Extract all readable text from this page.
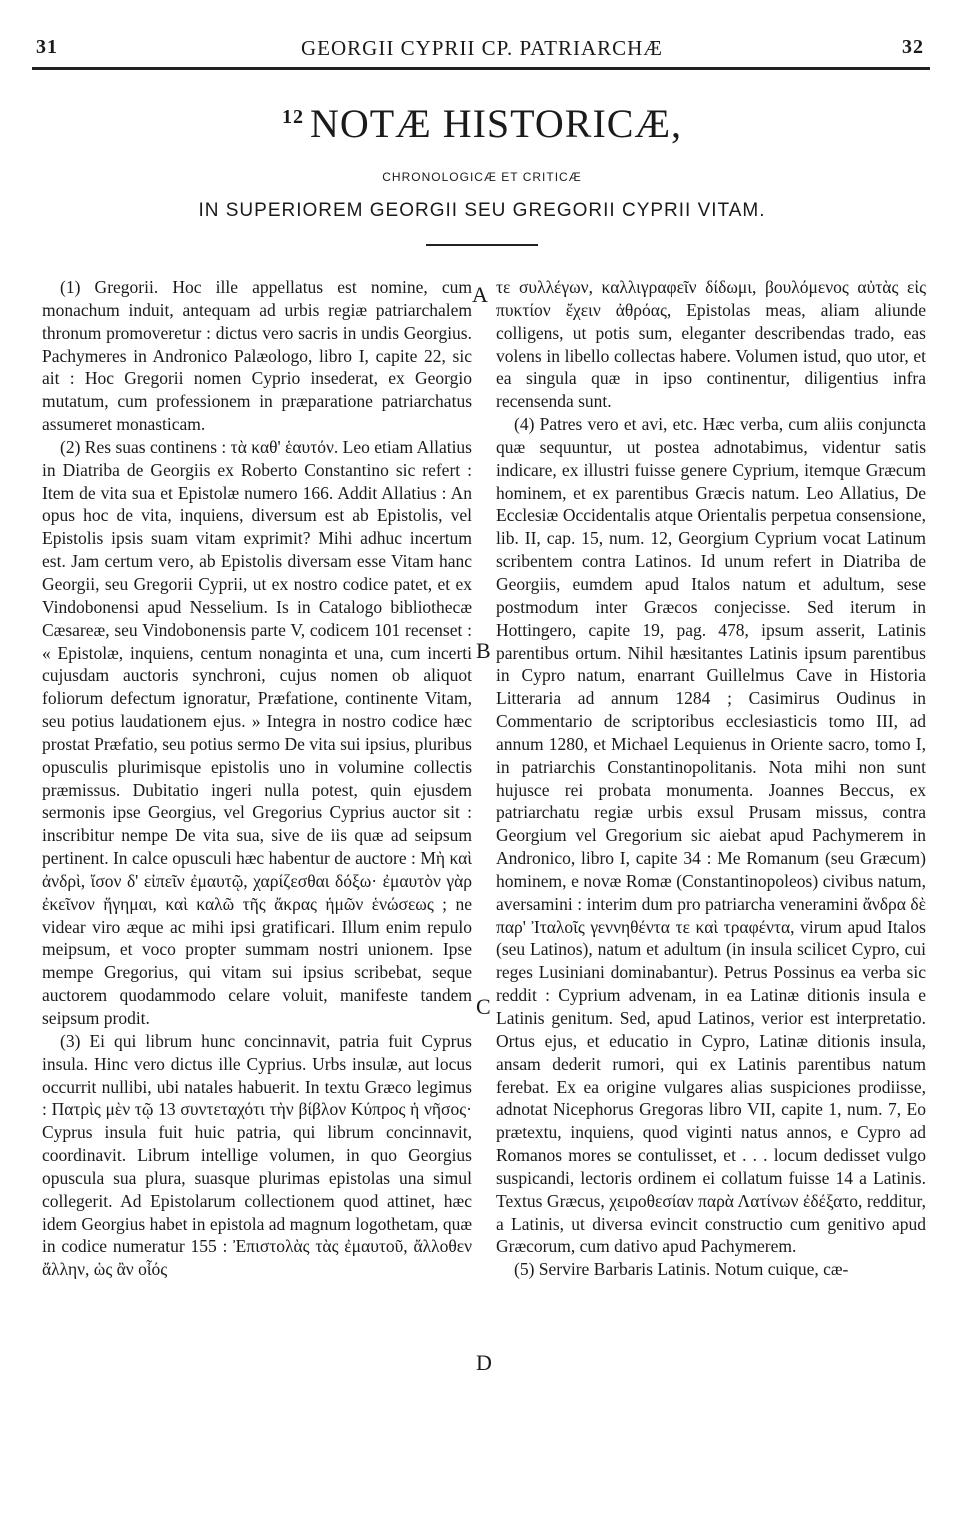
31	GEORGII CYPRII CP. PATRIARCHÆ	32
$^{12}$ NOTÆ HISTORICÆ,
CHRONOLOGICÆ ET CRITICÆ
IN SUPERIOREM GEORGII SEU GREGORII CYPRII VITAM.

(1) Gregorii. Hoc ille appellatus est nomine, cum monachum induit, antequam ad urbis regiæ patriarchalem thronum promoveretur : dictus vero sacris in undis Georgius. Pachymeres in Andronico Palæologo, libro I, capite 22, sic ait : Hoc Gregorii nomen Cyprio insederat, ex Georgio mutatum, cum professionem in præparatione patriarchatus assumeret monasticam.

(2) Res suas continens : τὰ καθ' ἑαυτόν. Leo etiam Allatius in Diatriba de Georgiis ex Roberto Constantino sic refert : Item de vita sua et Epistolæ numero 166. Addit Allatius : An opus hoc de vita, inquiens, diversum est ab Epistolis, vel Epistolis ipsis suam vitam exprimit? Mihi adhuc incertum est. Jam certum vero, ab Epistolis diversam esse Vitam hanc Georgii, seu Gregorii Cyprii, ut ex nostro codice patet, et ex Vindobonensi apud Nesselium. Is in Catalogo bibliothecæ Cæsareæ, seu Vindobonensis parte V, codicem 101 recenset : « Epistolæ, inquiens, centum nonaginta et una, cum incerti cujusdam auctoris synchroni, cujus nomen ob aliquot foliorum defectum ignoratur, Præfatione, continente Vitam, seu potius laudationem ejus. » Integra in nostro codice hæc prostat Præfatio, seu potius sermo De vita sui ipsius, pluribus opusculis plurimisque epistolis uno in volumine collectis præmissus. Dubitatio ingeri nulla potest, quin ejusdem sermonis ipse Georgius, vel Gregorius Cyprius auctor sit : inscribitur nempe De vita sua, sive de iis quæ ad seipsum pertinent. In calce opusculi hæc habentur de auctore : Μὴ καὶ ἀνδρὶ, ἴσον δ' εἰπεῖν ἐμαυτῷ, χαρίζεσθαι δόξω· ἐμαυτὸν γὰρ ἐκεῖνον ἥγημαι, καὶ καλῶ τῆς ἄκρας ἡμῶν ἑνώσεως ; ne videar viro æque ac mihi ipsi gratificari. Illum enim repulo meipsum, et voco propter summam nostri unionem. Ipse mempe Gregorius, qui vitam sui ipsius scribebat, seque auctorem quodammodo celare voluit, manifeste tandem seipsum prodit.

(3) Ei qui librum hunc concinnavit, patria fuit Cyprus insula. Hinc vero dictus ille Cyprius. Urbs insulæ, aut locus occurrit nullibi, ubi natales habuerit. In textu Græco legimus : Πατρὶς μὲν τῷ 13 συντεταχότι τὴν βίβλον Κύπρος ἡ νῆσος· Cyprus insula fuit huic patria, qui librum concinnavit, coordinavit. Librum intellige volumen, in quo Georgius opuscula sua plura, suasque plurimas epistolas una simul collegerit. Ad Epistolarum collectionem quod attinet, hæc idem Georgius habet in epistola ad magnum logothetam, quæ in codice numeratur 155 : Ἐπιστολὰς τὰς ἐμαυτοῦ, ἄλλοθεν ἄλλην, ὡς ἂν οἷός

τε συλλέγων, καλλιγραφεῖν δίδωμι, βουλόμενος αὐτὰς εἰς πυκτίον ἔχειν ἀθρόας, Epistolas meas, aliam aliunde colligens, ut potis sum, eleganter describendas trado, eas volens in libello collectas habere. Volumen istud, quo utor, et ea singula quæ in ipso continentur, diligentius infra recensenda sunt.

(4) Patres vero et avi, etc. Hæc verba, cum aliis conjuncta quæ sequuntur, ut postea adnotabimus, videntur satis indicare, ex illustri fuisse genere Cyprium, itemque Græcum hominem, et ex parentibus Græcis natum. Leo Allatius, De Ecclesiæ Occidentalis atque Orientalis perpetua consensione, lib. II, cap. 15, num. 12, Georgium Cyprium vocat Latinum scribentem contra Latinos. Id unum refert in Diatriba de Georgiis, eumdem apud Italos natum et adultum, sese postmodum inter Græcos conjecisse. Sed iterum in Hottingero, capite 19, pag. 478, ipsum asserit, Latinis parentibus ortum. Nihil hæsitantes Latinis ipsum parentibus in Cypro natum, enarrant Guillelmus Cave in Historia Litteraria ad annum 1284 ; Casimirus Oudinus in Commentario de scriptoribus ecclesiasticis tomo III, ad annum 1280, et Michael Lequienus in Oriente sacro, tomo I, in patriarchis Constantinopolitanis. Nota mihi non sunt hujusce rei probata monumenta. Joannes Beccus, ex patriarchatu regiæ urbis exsul Prusam missus, contra Georgium vel Gregorium sic aiebat apud Pachymerem in Andronico, libro I, capite 34 : Me Romanum (seu Græcum) hominem, e novæ Romæ (Constantinopoleos) civibus natum, aversamini : interim dum pro patriarcha veneramini ἄνδρα δὲ παρ' Ἰταλοῖς γεννηθέντα τε καὶ τραφέντα, virum apud Italos (seu Latinos), natum et adultum (in insula scilicet Cypro, cui reges Lusiniani dominabantur). Petrus Possinus ea verba sic reddit : Cyprium advenam, in ea Latinæ ditionis insula e Latinis genitum. Sed, apud Latinos, verior est interpretatio. Ortus ejus, et educatio in Cypro, Latinæ ditionis insula, ansam dederit rumori, qui ex Latinis parentibus natum ferebat. Ex ea origine vulgares alias suspiciones prodiisse, adnotat Nicephorus Gregoras libro VII, capite 1, num. 7, Eo prætextu, inquiens, quod viginti natus annos, e Cypro ad Romanos mores se contulisset, et . . . locum dedisset vulgo suspicandi, lectoris ordinem ei collatum fuisse 14 a Latinis. Textus Græcus, χειροθεσίαν παρὰ Λατίνων ἐδέξατο, redditur, a Latinis, ut diversa evincit constructio cum genitivo apud Græcorum, cum dativo apud Pachymerem.

(5) Servire Barbaris Latinis. Notum cuique, cæ-

A
B
C
D
